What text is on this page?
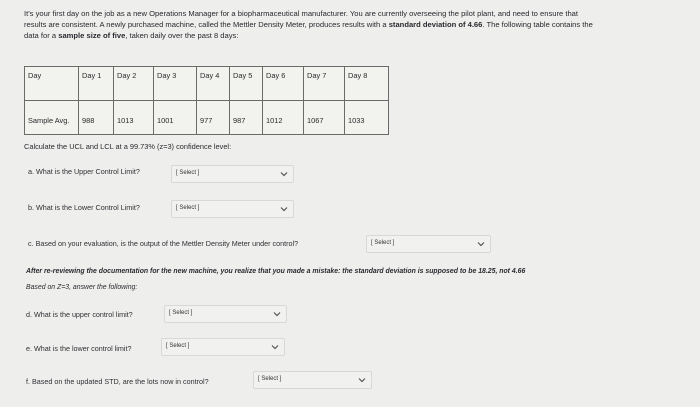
It's your first day on the job as a new Operations Manager for a biopharmaceutical manufacturer. You are currently overseeing the pilot plant, and need to ensure that
results are consistent. A newly purchased machine, called the Mettler Density Meter, produces results with a standard deviation of 4.66. The following table contains the
data for a sample size of five, taken daily over the past 8 days:
Day	Day 1	Day 2	Day 3	Day 4	Day 5	Day 6	Day 7	Day 8
Sample Avg.	988	1013	1001	977	987	1012	1067	1033
Calculate the UCL and LCL at a 99.73% (z=3) confidence level:
a. What is the Upper Control Limit?	[ Select ]
b. What is the Lower Control Limit?	[ Select ]
c. Based on your evaluation, is the output of the Mettler Density Meter under control?	[ Select ]
After re-reviewing the documentation for the new machine, you realize that you made a mistake: the standard deviation is supposed to be 18.25, not 4.66
Based on Z=3, answer the following:
d. What is the upper control limit?	[ Select ]
e. What is the lower control limit?	[ Select ]
f. Based on the updated STD, are the lots now in control?	[ Select ]
